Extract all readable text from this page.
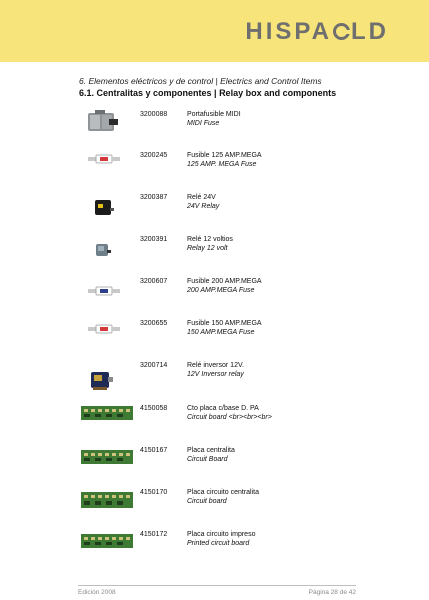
HISPA LD
6. Elementos eléctricos y de control | Electrics and Control Items
6.1. Centralitas y componentes | Relay box and components
3200088	Portafusible MIDI
MIDI Fuse
3200245	Fusible 125 AMP.MEGA
125 AMP. MEGA Fuse
3200387	Relé 24V
24V Relay
3200391	Relé 12 voltios
Relay 12 volt
3200607	Fusible 200 AMP.MEGA
200 AMP.MEGA Fuse
3200655	Fusible 150 AMP.MEGA
150 AMP.MEGA Fuse
3200714	Relé inversor 12V.
12V Inversor relay
4150058	Cto placa c/base D. PA
Circuit board <br><br><br>
4150167	Placa centralita
Circuit Board
4150170	Placa circuito centralita
Circuit board
4150172	Placa circuito impreso
Printed circuit board
Edición 2008	Página 28 de 42
